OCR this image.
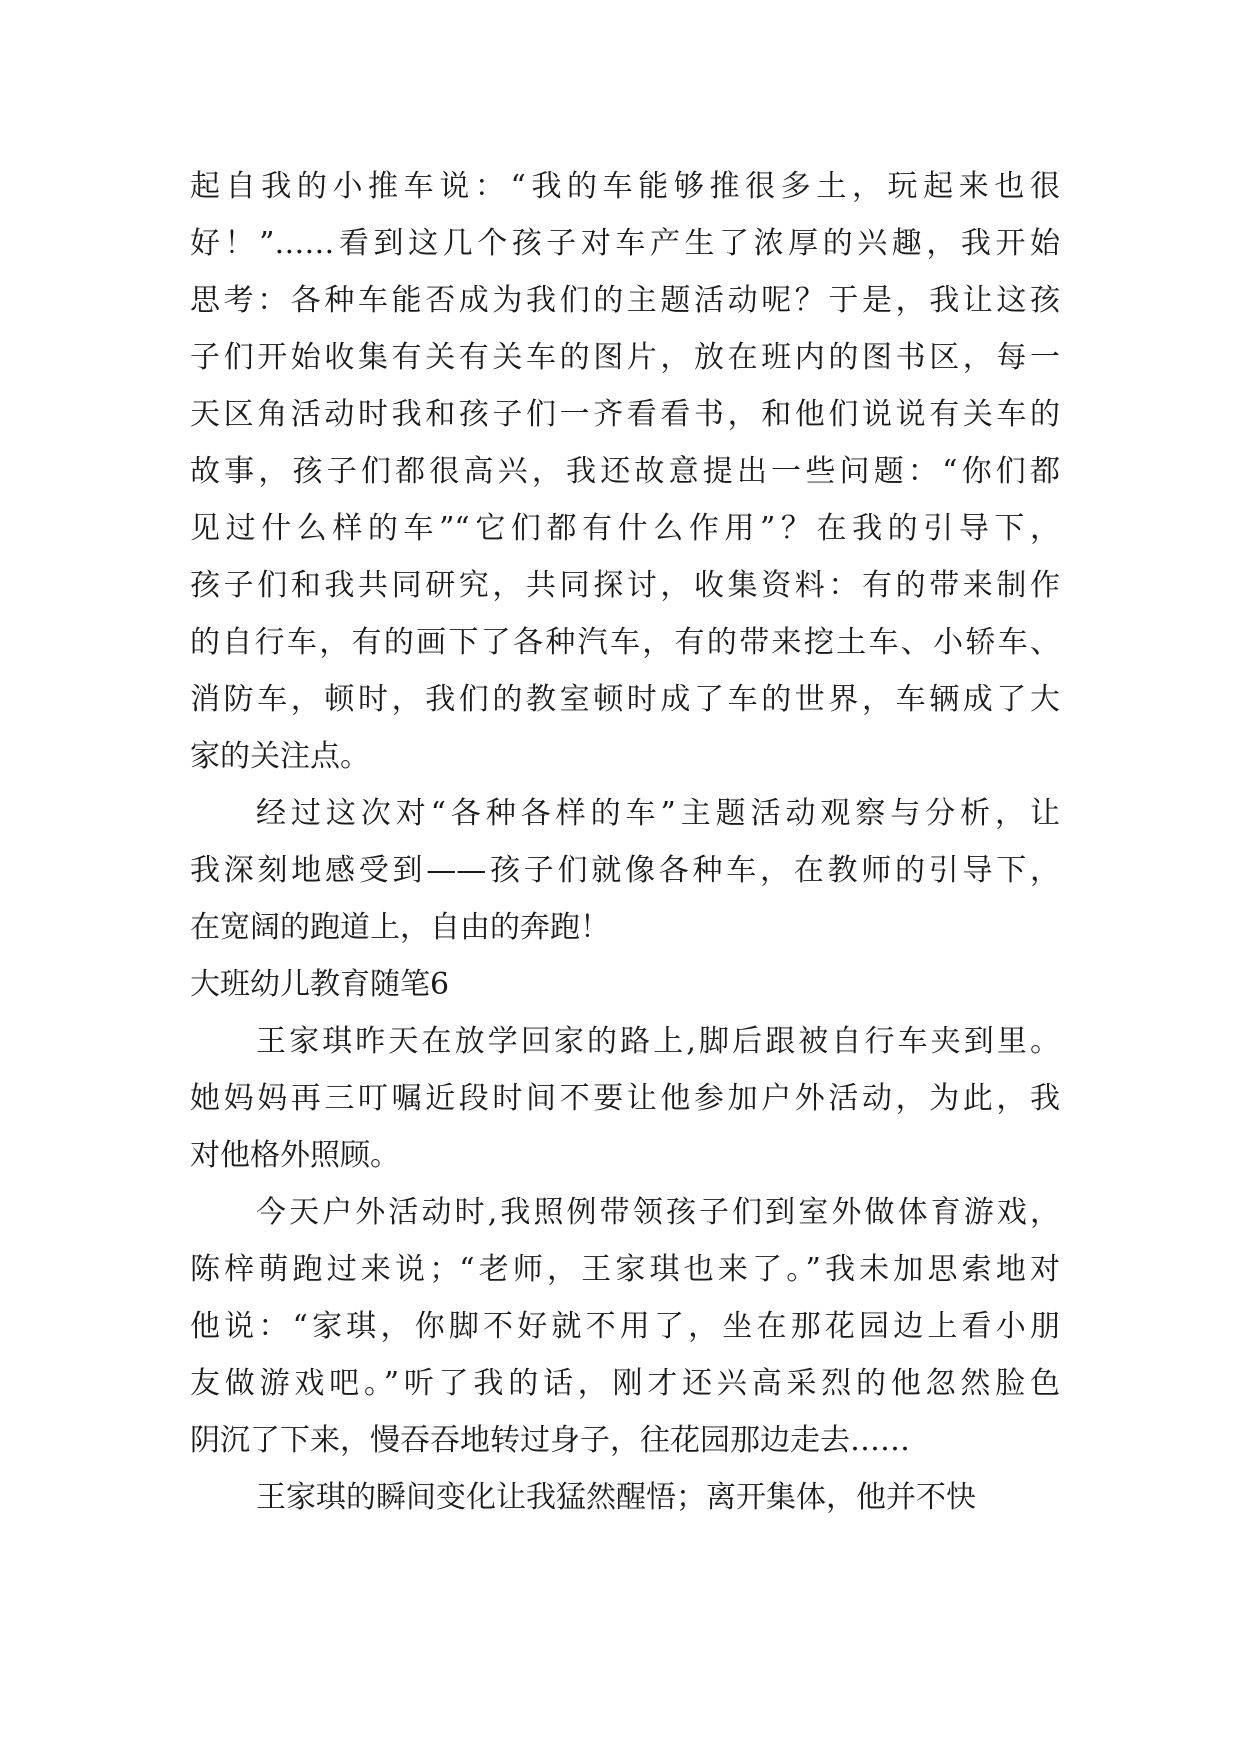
起自我的小推车说：“我的车能够推很多土，玩起来也很
好！”……看到这几个孩子对车产生了浓厚的兴趣，我开始
思考：各种车能否成为我们的主题活动呢？于是，我让这孩
子们开始收集有关有关车的图片，放在班内的图书区，每一
天区角活动时我和孩子们一齐看看书，和他们说说有关车的
故事，孩子们都很高兴，我还故意提出一些问题：“你们都
见过什么样的车”“它们都有什么作用”？在我的引导下，
孩子们和我共同研究，共同探讨，收集资料：有的带来制作
的自行车，有的画下了各种汽车，有的带来挖土车、小轿车、
消防车，顿时，我们的教室顿时成了车的世界，车辆成了大
家的关注点。
经过这次对“各种各样的车”主题活动观察与分析，让
我深刻地感受到——孩子们就像各种车，在教师的引导下，
在宽阔的跑道上，自由的奔跑！
大班幼儿教育随笔6
王家琪昨天在放学回家的路上,脚后跟被自行车夹到里。
她妈妈再三叮嘱近段时间不要让他参加户外活动，为此，我
对他格外照顾。
今天户外活动时,我照例带领孩子们到室外做体育游戏，
陈梓萌跑过来说；“老师，王家琪也来了。”我未加思索地对
他说：“家琪，你脚不好就不用了，坐在那花园边上看小朋
友做游戏吧。”听了我的话，刚才还兴高采烈的他忽然脸色
阴沉了下来，慢吞吞地转过身子，往花园那边走去……
王家琪的瞬间变化让我猛然醒悟；离开集体，他并不快
